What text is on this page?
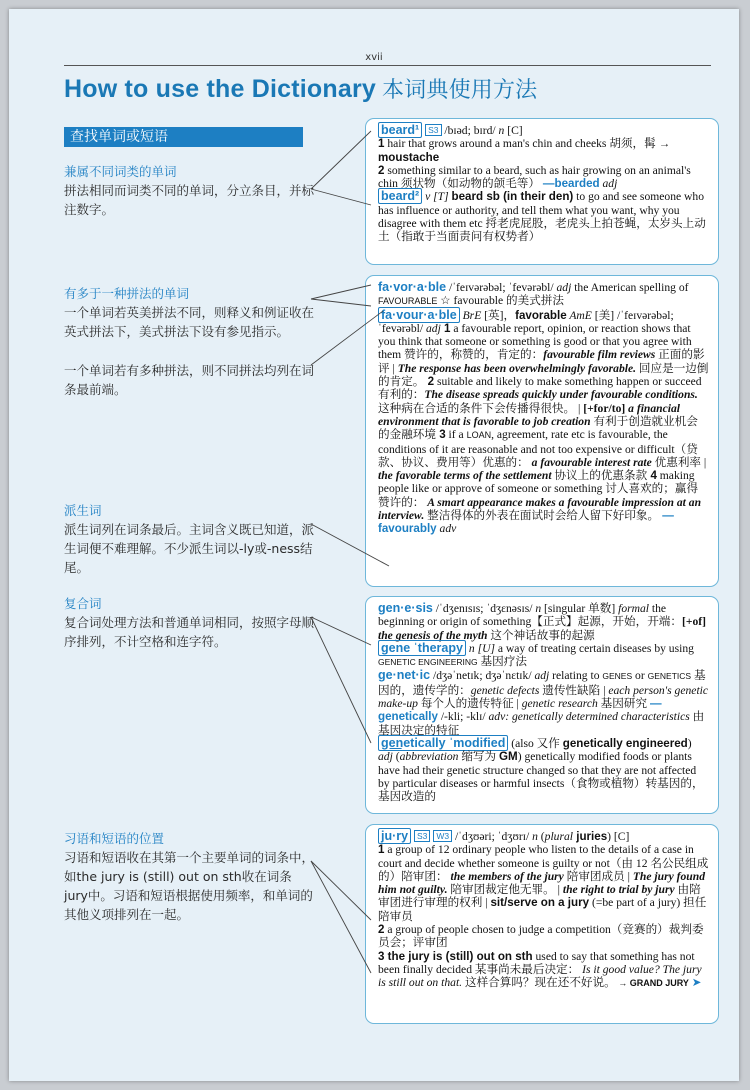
xvii
How to use the Dictionary 本词典使用方法
查找单词或短语
兼属不同词类的单词
拼法相同而词类不同的单词，分立条目，并标注数字。
有多于一种拼法的单词
一个单词若英美拼法不同，则释义和例证收在英式拼法下，美式拼法下设有参见指示。
一个单词若有多种拼法，则不同拼法均列在词条最前端。
派生词
派生词列在词条最后。主词含义既已知道，派生词便不难理解。不少派生词以-ly或-ness结尾。
复合词
复合词处理方法和普通单词相同，按照字母顺序排列，不计空格和连字符。
习语和短语的位置
习语和短语收在其第一个主要单词的词条中，如the jury is (still) out on sth收在词条jury中。习语和短语根据使用频率，和单词的其他义项排列在一起。

beard¹ S3 /bɪəd; bɪrd/ n [C]

1 hair that grows around a man's chin and cheeks 胡须，髯 → moustache

2 something similar to a beard, such as hair growing on an animal's chin 须状物（如动物的颌毛等） —bearded adj

beard² v [T] beard sb (in their den) to go and see someone who has influence or authority, and tell them what you want, why you disagree with them etc 捋老虎屁股，老虎头上拍苍蝇，太岁头上动土（指敢于当面责问有权势者）

fa·vor·a·ble /ˈfeɪvərəbəl; ˈfevərəbl/ adj the American spelling of FAVOURABLE ☆ favourable 的美式拼法

fa·vour·a·ble BrE [英]，favorable AmE [美] /ˈfeɪvərəbəl; ˈfevərəbl/ adj 1 a favourable report, opinion, or reaction shows that you think that someone or something is good or that you agree with them 赞许的，称赞的，肯定的：favourable film reviews 正面的影评 | The response has been overwhelmingly favorable. 回应是一边倒的肯定。 2 suitable and likely to make something happen or succeed 有利的：The disease spreads quickly under favourable conditions. 这种病在合适的条件下会传播得很快。 | [+for/to] a financial environment that is favorable to job creation 有利于创造就业机会的金融环境 3 if a LOAN, agreement, rate etc is favourable, the conditions of it are reasonable and not too expensive or difficult（贷款、协议、费用等）优惠的： a favourable interest rate 优惠利率 | the favorable terms of the settlement 协议上的优惠条款 4 making people like or approve of someone or something 讨人喜欢的；赢得赞许的： A smart appearance makes a favourable impression at an interview. 整洁得体的外表在面试时会给人留下好印象。 —favourably adv

gen·e·sis /ˈdʒenɪsɪs; ˈdʒɛnəsɪs/ n [singular 单数] formal the beginning or origin of something【正式】起源，开始，开端：[+of] the genesis of the myth 这个神话故事的起源

gene ˈtherapy n [U] a way of treating certain diseases by using GENETIC ENGINEERING 基因疗法

ge·net·ic /dʒəˈnetɪk; dʒəˈnɛtɪk/ adj relating to GENES or GENETICS 基因的，遗传学的：genetic defects 遗传性缺陷 | each person's genetic make-up 每个人的遗传特征 | genetic research 基因研究 —genetically /-kli; -klɪ/ adv: genetically determined characteristics 由基因决定的特征

ge͟netically ˈmodified (also 又作 genetically engineered) adj (abbreviation 缩写为 GM) genetically modified foods or plants have had their genetic structure changed so that they are not affected by particular diseases or harmful insects（食物或植物）转基因的，基因改造的

ju·ry S3 W3 /ˈdʒʊəri; ˈdʒʊrɪ/ n (plural juries) [C]

1 a group of 12 ordinary people who listen to the details of a case in court and decide whether someone is guilty or not（由 12 名公民组成的）陪审团： the members of the jury 陪审团成员 | The jury found him not guilty. 陪审团裁定他无罪。 | the right to trial by jury 由陪审团进行审理的权利 | sit/serve on a jury (=be part of a jury) 担任陪审员

2 a group of people chosen to judge a competition（竞赛的）裁判委员会；评审团

3 the jury is (still) out on sth used to say that something has not been finally decided 某事尚未最后决定： Is it good value? The jury is still out on that. 这样合算吗？现在还不好说。 → GRAND JURY ➤
